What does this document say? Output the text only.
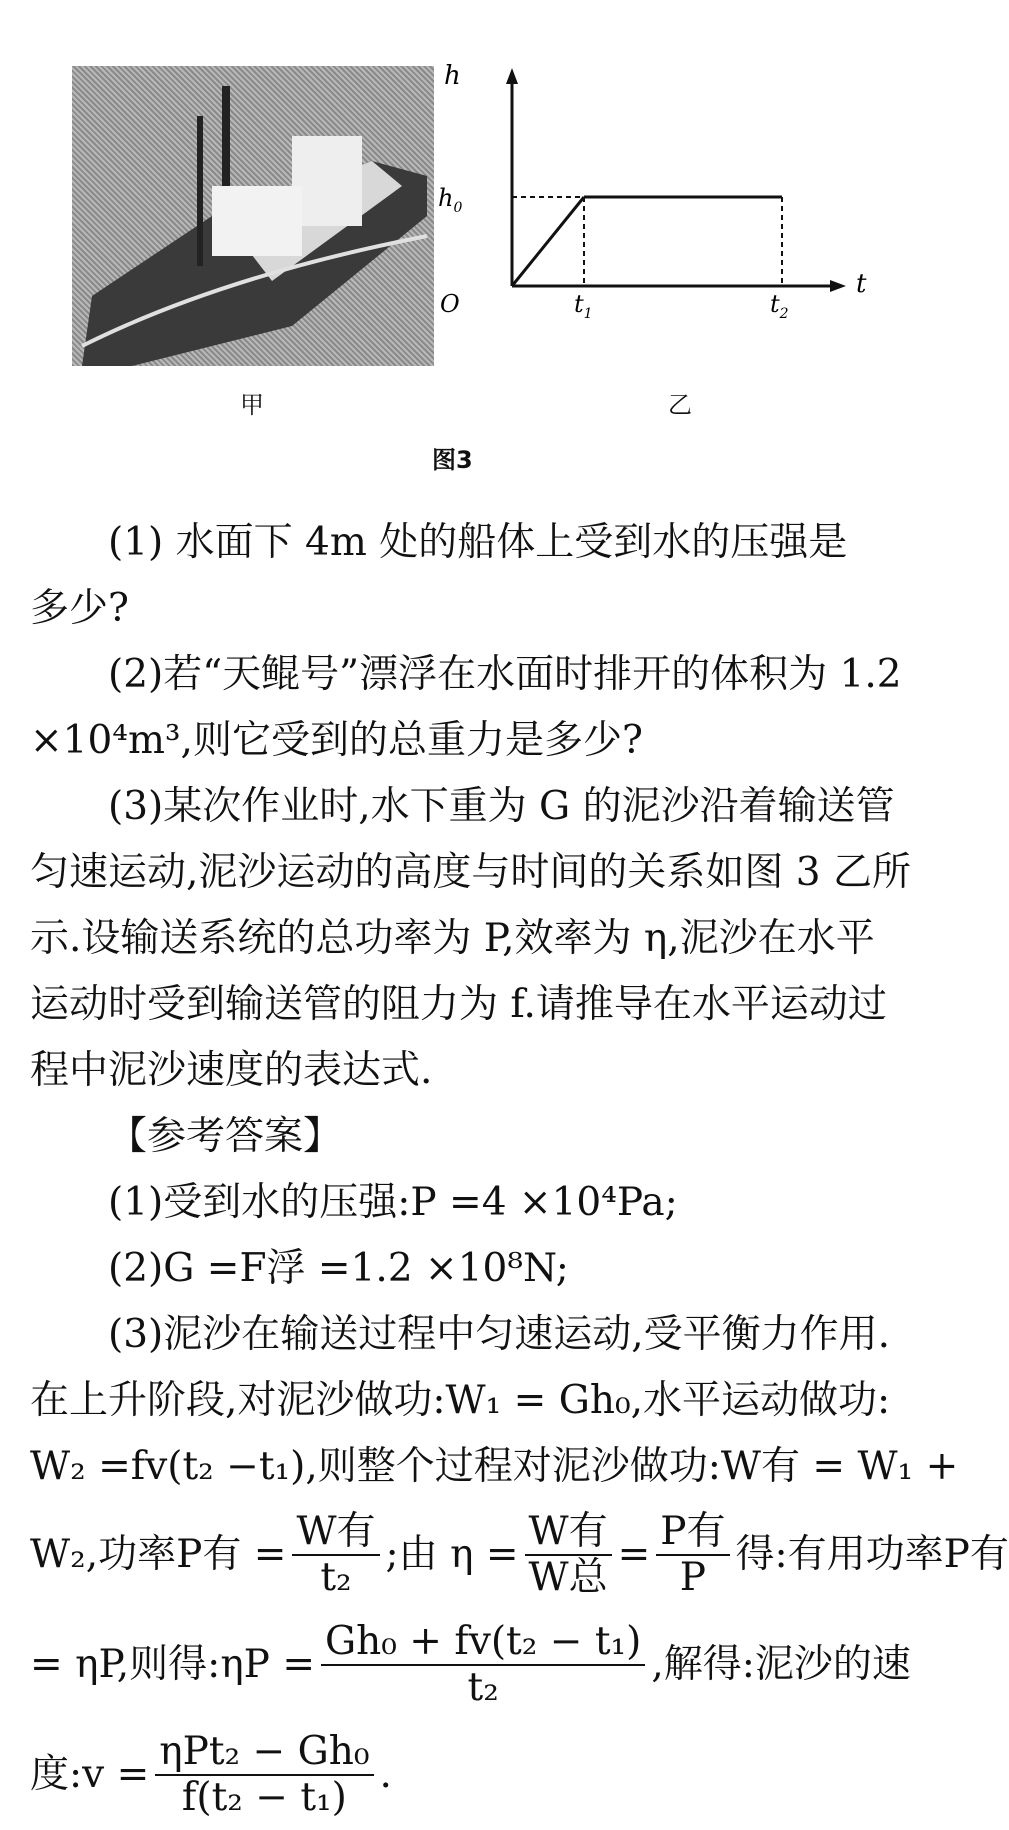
h
$h_0$
O	$t_1$	$t_2$
t
甲	乙
图3
(1) 水面下 4m 处的船体上受到水的压强是
多少?
(2)若“天鲲号”漂浮在水面时排开的体积为 1.2
×10⁴m³,则它受到的总重力是多少?
(3)某次作业时,水下重为 G 的泥沙沿着输送管
匀速运动,泥沙运动的高度与时间的关系如图 3 乙所
示.设输送系统的总功率为 P,效率为 η,泥沙在水平
运动时受到输送管的阻力为 f.请推导在水平运动过
程中泥沙速度的表达式.
【参考答案】
(1)受到水的压强:P =4 ×10⁴Pa;
(2)G =F浮 =1.2 ×10⁸N;
(3)泥沙在输送过程中匀速运动,受平衡力作用.
在上升阶段,对泥沙做功:W₁ = Gh₀,水平运动做功:
W₂ =fv(t₂ −t₁),则整个过程对泥沙做功:W有 = W₁ +
W₂,功率P有 = $\frac{\text{W有}}{\text{t₂}}$ ;由 $\eta = \frac{\text{W有}}{\text{W总}} = \frac{\text{P有}}{P}$ 得:有用功率P有
= ηP,则得:ηP = $\frac{\text{Gh₀ + fv(t₂ − t₁)}}{\text{t₂}}$ ,解得:泥沙的速
度:v = $\frac{\text{ηPt₂ − Gh₀}}{\text{f(t₂ − t₁)}}$ .
